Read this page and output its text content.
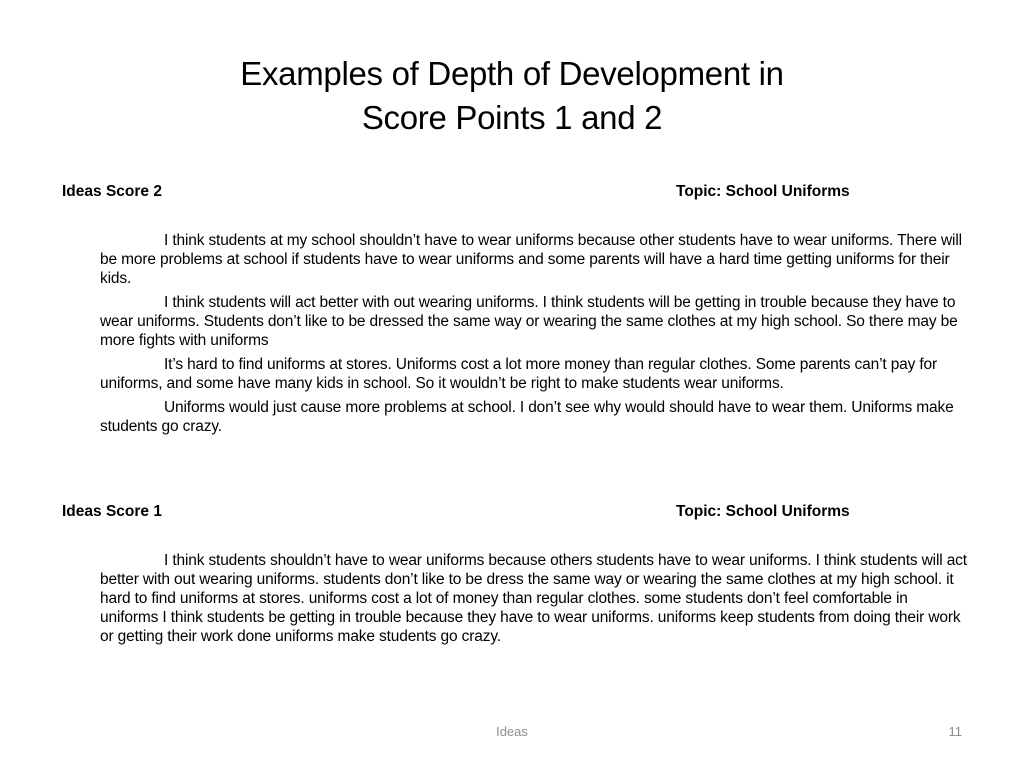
Examples of Depth of Development in
Score Points 1 and 2
Ideas Score 2	Topic: School Uniforms

I think students at my school shouldn’t have to wear uniforms because other students have to wear uniforms. There will be more problems at school if students have to wear uniforms and some parents will have a hard time getting uniforms for their kids.

I think students will act better with out wearing uniforms. I think students will be getting in trouble because they have to wear uniforms. Students don’t like to be dressed the same way or wearing the same clothes at my high school. So there may be more fights with uniforms

It’s hard to find uniforms at stores. Uniforms cost a lot more money than regular clothes. Some parents can’t pay for uniforms, and some have many kids in school. So it wouldn’t be right to make students wear uniforms.

Uniforms would just cause more problems at school. I don’t see why would should have to wear them. Uniforms make students go crazy.

Ideas Score 1	Topic: School Uniforms

I think students shouldn’t have to wear uniforms because others students have to wear uniforms. I think students will act better with out wearing uniforms. students don’t like to be dress the same way or wearing the same clothes at my high school. it hard to find uniforms at stores. uniforms cost a lot of money than regular clothes. some students don’t feel comfortable in uniforms I think students be getting in trouble because they have to wear uniforms. uniforms keep students from doing their work or getting their work done uniforms make students go crazy.

Ideas	11
